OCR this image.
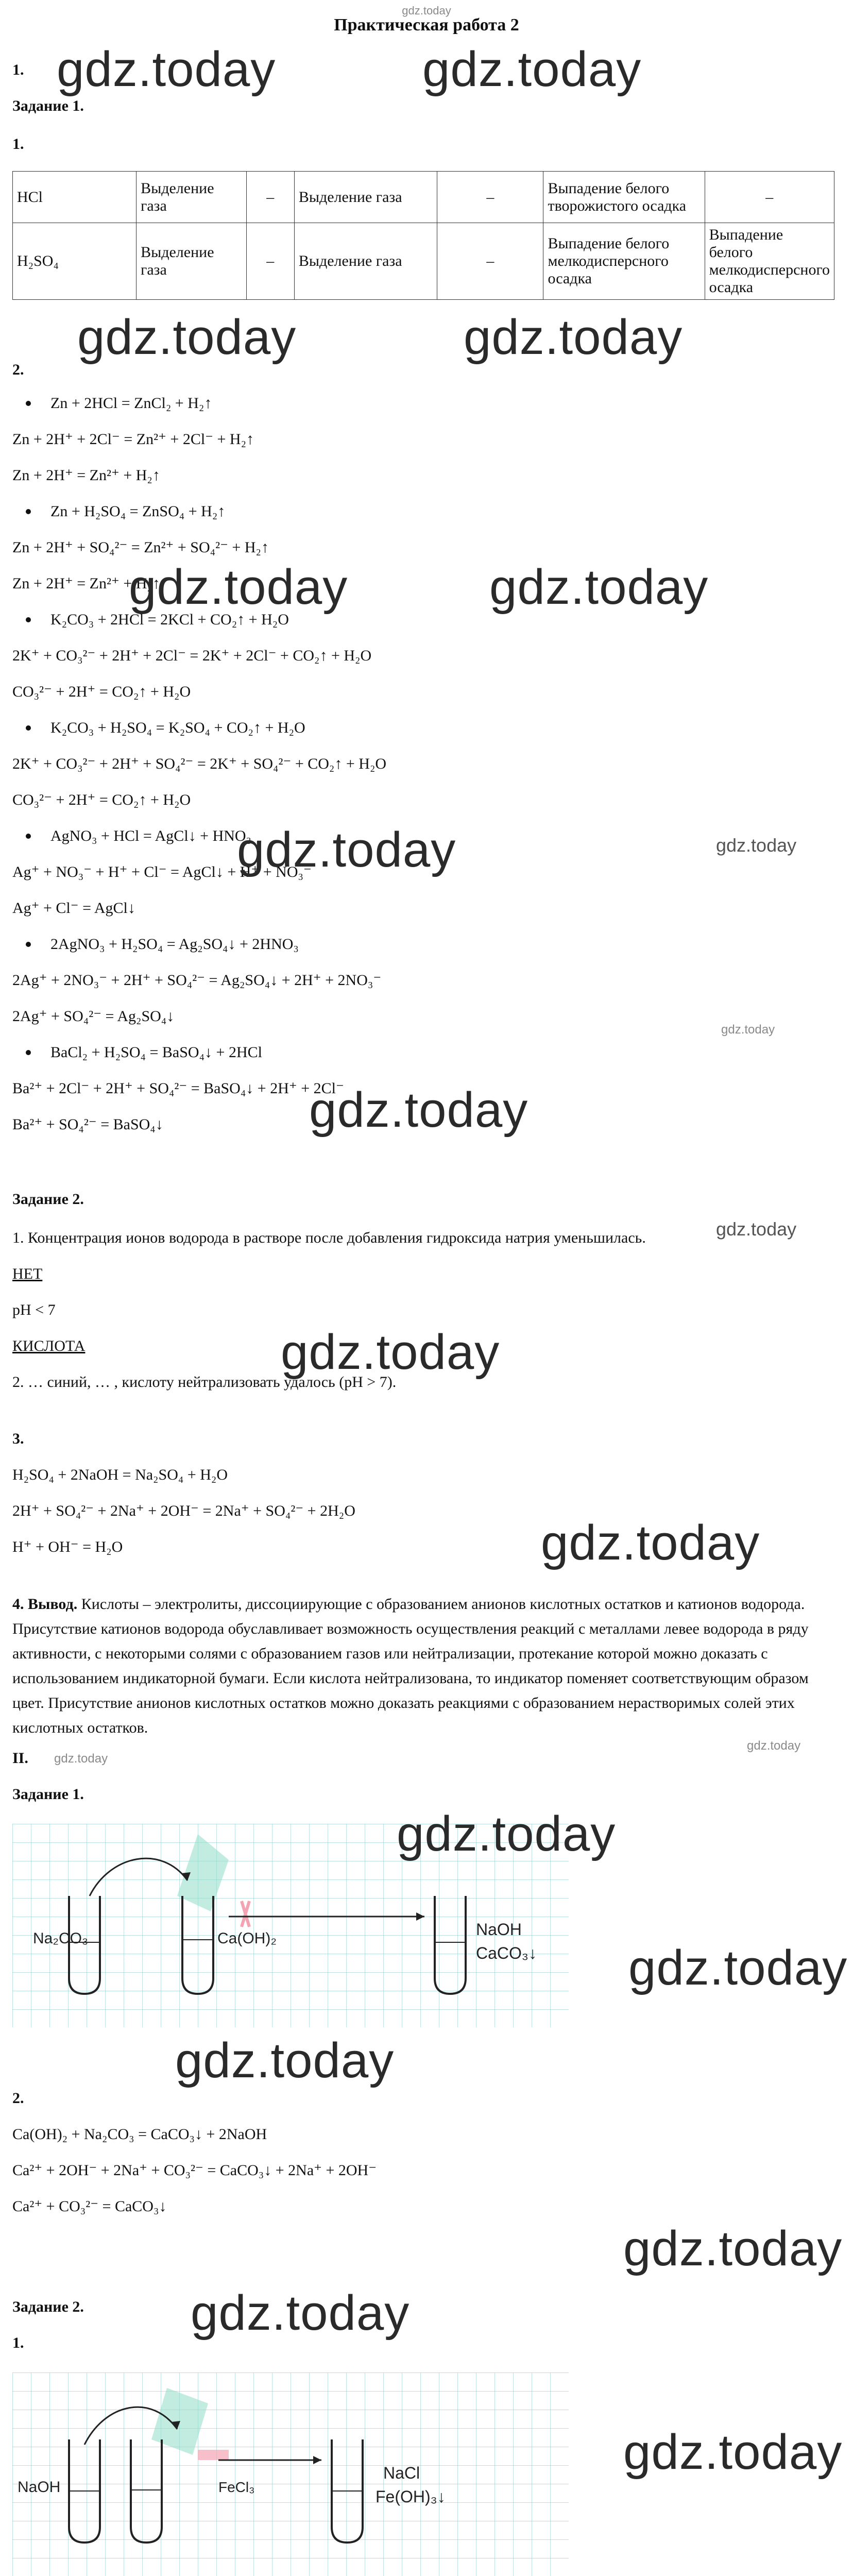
gdz.today
Практическая работа 2
1.
Задание 1.
1.
HCl	Выделение газа	–	Выделение газа	–	Выпадение белого творожистого осадка	–
H₂SO₄	Выделение газа	–	Выделение газа	–	Выпадение белого мелкодисперсного осадка	Выпадение белого мелкодисперсного осадка
2.
Zn + 2HCl = ZnCl₂ + H₂↑
Zn + 2H⁺ + 2Cl⁻ = Zn²⁺ + 2Cl⁻ + H₂↑
Zn + 2H⁺ = Zn²⁺ + H₂↑
Zn + H₂SO₄ = ZnSO₄ + H₂↑
Zn + 2H⁺ + SO₄²⁻ = Zn²⁺ + SO₄²⁻ + H₂↑
Zn + 2H⁺ = Zn²⁺ + H₂↑
K₂CO₃ + 2HCl = 2KCl + CO₂↑ + H₂O
2K⁺ + CO₃²⁻ + 2H⁺ + 2Cl⁻ = 2K⁺ + 2Cl⁻ + CO₂↑ + H₂O
CO₃²⁻ + 2H⁺ = CO₂↑ + H₂O
K₂CO₃ + H₂SO₄ = K₂SO₄ + CO₂↑ + H₂O
2K⁺ + CO₃²⁻ + 2H⁺ + SO₄²⁻ = 2K⁺ + SO₄²⁻ + CO₂↑ + H₂O
CO₃²⁻ + 2H⁺ = CO₂↑ + H₂O
AgNO₃ + HCl = AgCl↓ + HNO₃
Ag⁺ + NO₃⁻ + H⁺ + Cl⁻ = AgCl↓ + H⁺ + NO₃⁻
Ag⁺ + Cl⁻ = AgCl↓
2AgNO₃ + H₂SO₄ = Ag₂SO₄↓ + 2HNO₃
2Ag⁺ + 2NO₃⁻ + 2H⁺ + SO₄²⁻ = Ag₂SO₄↓ + 2H⁺ + 2NO₃⁻
2Ag⁺ + SO₄²⁻ = Ag₂SO₄↓
BaCl₂ + H₂SO₄ = BaSO₄↓ + 2HCl
Ba²⁺ + 2Cl⁻ + 2H⁺ + SO₄²⁻ = BaSO₄↓ + 2H⁺ + 2Cl⁻
Ba²⁺ + SO₄²⁻ = BaSO₄↓
Задание 2.
1. Концентрация ионов водорода в растворе после добавления гидроксида натрия уменьшилась.
НЕТ
pH < 7
КИСЛОТА
2. … синий, … , кислоту нейтрализовать удалось (pH > 7).
3.
H₂SO₄ + 2NaOH = Na₂SO₄ + H₂O
2H⁺ + SO₄²⁻ + 2Na⁺ + 2OH⁻ = 2Na⁺ + SO₄²⁻ + 2H₂O
H⁺ + OH⁻ = H₂O
4. Вывод. Кислоты – электролиты, диссоциирующие с образованием анионов кислотных остатков и катионов водорода. Присутствие катионов водорода обуславливает возможность осуществления реакций с металлами левее водорода в ряду активности, с некоторыми солями с образованием газов или нейтрализации, протекание которой можно доказать с использованием индикаторной бумаги. Если кислота нейтрализована, то индикатор поменяет соответствующим образом цвет. Присутствие анионов кислотных остатков можно доказать реакциями с образованием нерастворимых солей этих кислотных остатков.
II.
Задание 1.
Na₂CO₃	Ca(OH)₂	NaOH
CaCO₃↓
2.
Ca(OH)₂ + Na₂CO₃ = CaCO₃↓ + 2NaOH
Ca²⁺ + 2OH⁻ + 2Na⁺ + CO₃²⁻ = CaCO₃↓ + 2Na⁺ + 2OH⁻
Ca²⁺ + CO₃²⁻ = CaCO₃↓
Задание 2.
1.
NaOH	FeCl₃
NaCl
Fe(OH)₃↓
gdz.today	gdz.today
gdz.today	gdz.today
gdz.today	gdz.today
gdz.today	gdz.today
gdz.today
gdz.today
gdz.today
gdz.today
gdz.today
gdz.today
gdz.today
gdz.today
gdz.today
gdz.today
gdz.today
gdz.today
gdz.today
